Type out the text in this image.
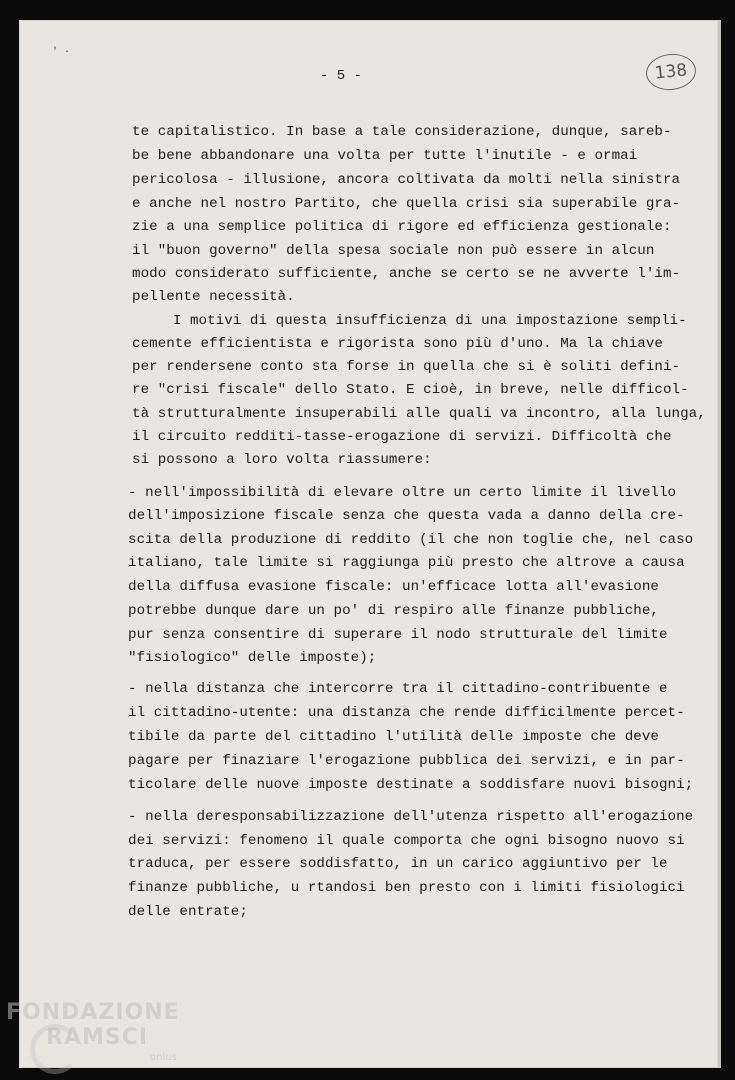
' ·
- 5 -	138
te capitalistico. In base a tale considerazione, dunque, sareb-
be bene abbandonare una volta per tutte l'inutile - e ormai
pericolosa - illusione, ancora coltivata da molti nella sinistra
e anche nel nostro Partito, che quella crisi sia superabile gra-
zie a una semplice politica di rigore ed efficienza gestionale:
il "buon governo" della spesa sociale non può essere in alcun
modo considerato sufficiente, anche se certo se ne avverte l'im-
pellente necessità.
I motivi di questa insufficienza di una impostazione sempli-
cemente efficientista e rigorista sono più d'uno. Ma la chiave
per rendersene conto sta forse in quella che si è soliti defini-
re "crisi fiscale" dello Stato. E cioè, in breve, nelle difficol-
tà strutturalmente insuperabili alle quali va incontro, alla lunga,
il circuito redditi-tasse-erogazione di servizi. Difficoltà che
si possono a loro volta riassumere:
- nell'impossibilità di elevare oltre un certo limite il livello
dell'imposizione fiscale senza che questa vada a danno della cre-
scita della produzione di reddito (il che non toglie che, nel caso
italiano, tale limite si raggiunga più presto che altrove a causa
della diffusa evasione fiscale: un'efficace lotta all'evasione
potrebbe dunque dare un po' di respiro alle finanze pubbliche,
pur senza consentire di superare il nodo strutturale del limite
"fisiologico" delle imposte);
- nella distanza che intercorre tra il cittadino-contribuente e
il cittadino-utente: una distanza che rende difficilmente percet-
tibile da parte del cittadino l'utilità delle imposte che deve
pagare per finaziare l'erogazione pubblica dei servizi, e in par-
ticolare delle nuove imposte destinate a soddisfare nuovi bisogni;
- nella deresponsabilizzazione dell'utenza rispetto all'erogazione
dei servizi: fenomeno il quale comporta che ogni bisogno nuovo si
traduca, per essere soddisfatto, in un carico aggiuntivo per le
finanze pubbliche, u rtandosi ben presto con i limiti fisiologici
delle entrate;
FONDAZIONE
RAMSCI
onlus
